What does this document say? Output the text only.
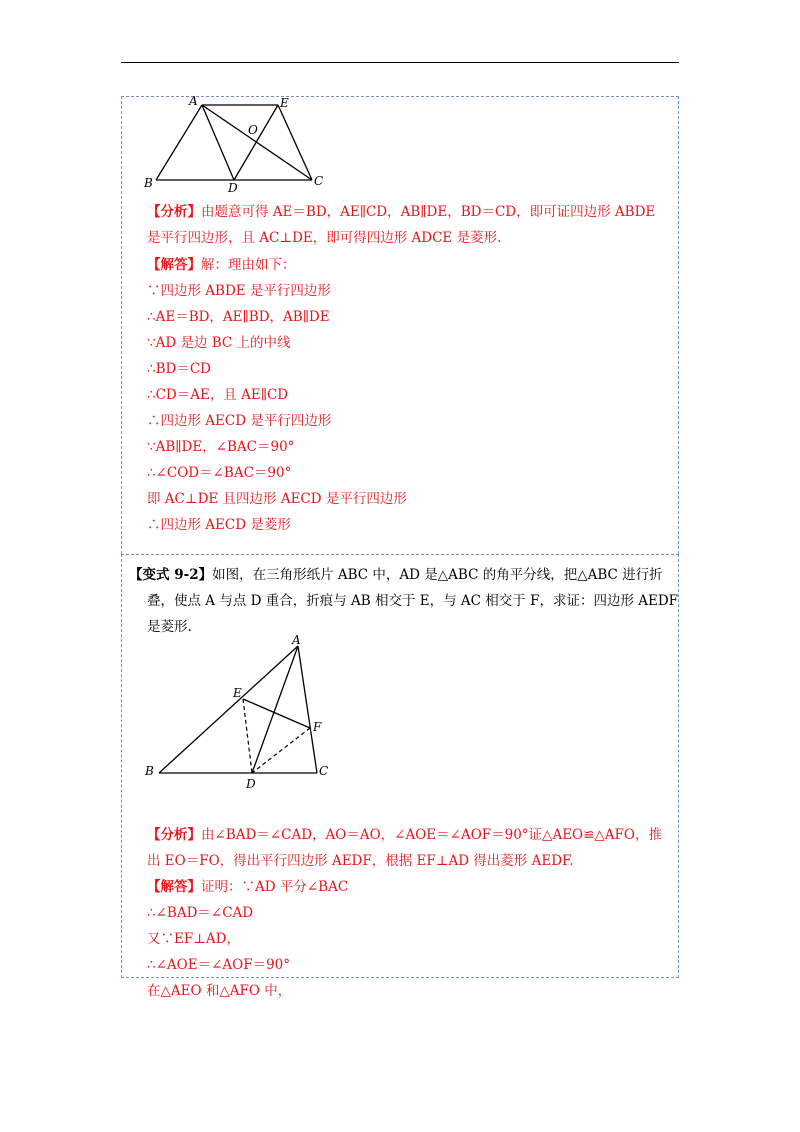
A	E
O
B	D	C
【分析】由题意可得 AE＝BD，AE∥CD，AB∥DE，BD＝CD，即可证四边形 ABDE
是平行四边形，且 AC⊥DE，即可得四边形 ADCE 是菱形.
【解答】解：理由如下：
∵四边形 ABDE 是平行四边形
∴AE＝BD，AE∥BD，AB∥DE
∵AD 是边 BC 上的中线
∴BD＝CD
∴CD＝AE，且 AE∥CD
∴四边形 AECD 是平行四边形
∵AB∥DE，∠BAC＝90°
∴∠COD＝∠BAC＝90°
即 AC⊥DE 且四边形 AECD 是平行四边形
∴四边形 AECD 是菱形
【变式 9-2】如图，在三角形纸片 ABC 中，AD 是△ABC 的角平分线，把△ABC 进行折
叠，使点 A 与点 D 重合，折痕与 AB 相交于 E，与 AC 相交于 F，求证：四边形 AEDF
是菱形.
A
E
F
B
D
C
【分析】由∠BAD＝∠CAD，AO＝AO，∠AOE＝∠AOF＝90°证△AEO≌△AFO，推
出 EO＝FO，得出平行四边形 AEDF，根据 EF⊥AD 得出菱形 AEDF.
【解答】证明：∵AD 平分∠BAC
∴∠BAD＝∠CAD
又∵EF⊥AD，
∴∠AOE＝∠AOF＝90°
在△AEO 和△AFO 中，
